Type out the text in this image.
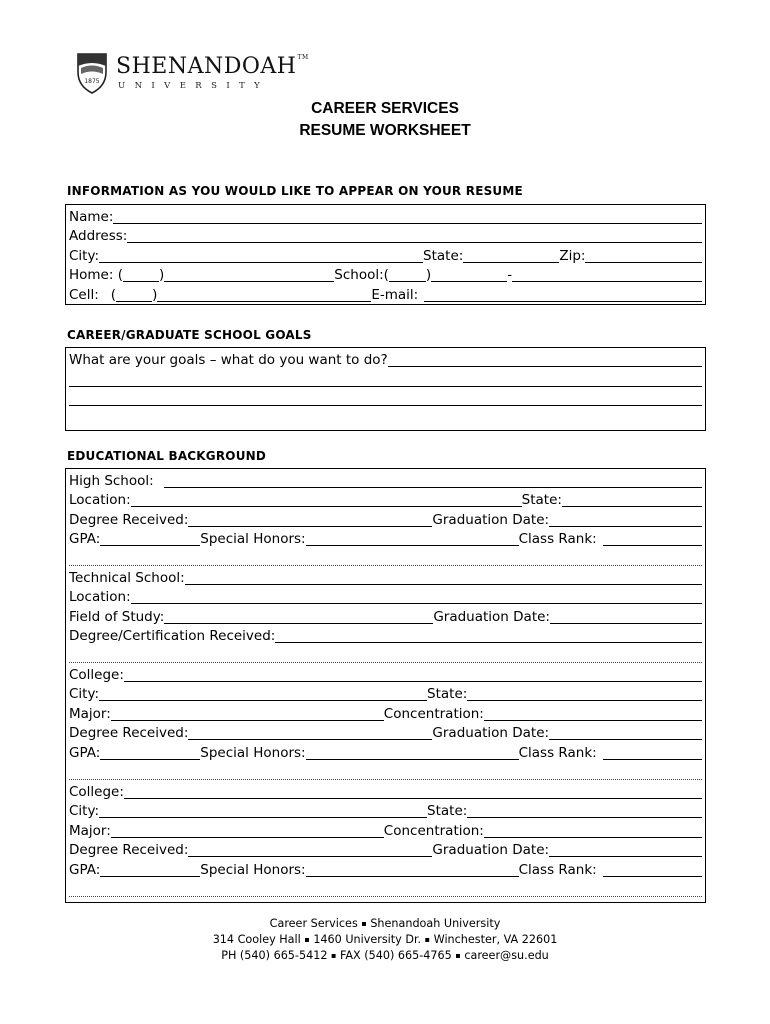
1875
SHENANDOAH™
UNIVERSITY
CAREER SERVICES
RESUME WORKSHEET
INFORMATION AS YOU WOULD LIKE TO APPEAR ON YOUR RESUME
Name:
Address:
City:	State:	Zip:
Home: (	)	School:(	)	-
Cell: (	)	E-mail:
CAREER/GRADUATE SCHOOL GOALS
What are your goals – what do you want to do?
EDUCATIONAL BACKGROUND
High School:
Location:	State:
Degree Received:	Graduation Date:
GPA:	Special Honors:	Class Rank:
Technical School:
Location:
Field of Study:	Graduation Date:
Degree/Certification Received:
College:
City:	State:
Major:	Concentration:
Degree Received:	Graduation Date:
GPA:	Special Honors:	Class Rank:
College:
City:	State:
Major:	Concentration:
Degree Received:	Graduation Date:
GPA:	Special Honors:	Class Rank:
Career Services ▪ Shenandoah University
314 Cooley Hall ▪ 1460 University Dr. ▪ Winchester, VA 22601
PH (540) 665-5412 ▪ FAX (540) 665-4765 ▪ career@su.edu
